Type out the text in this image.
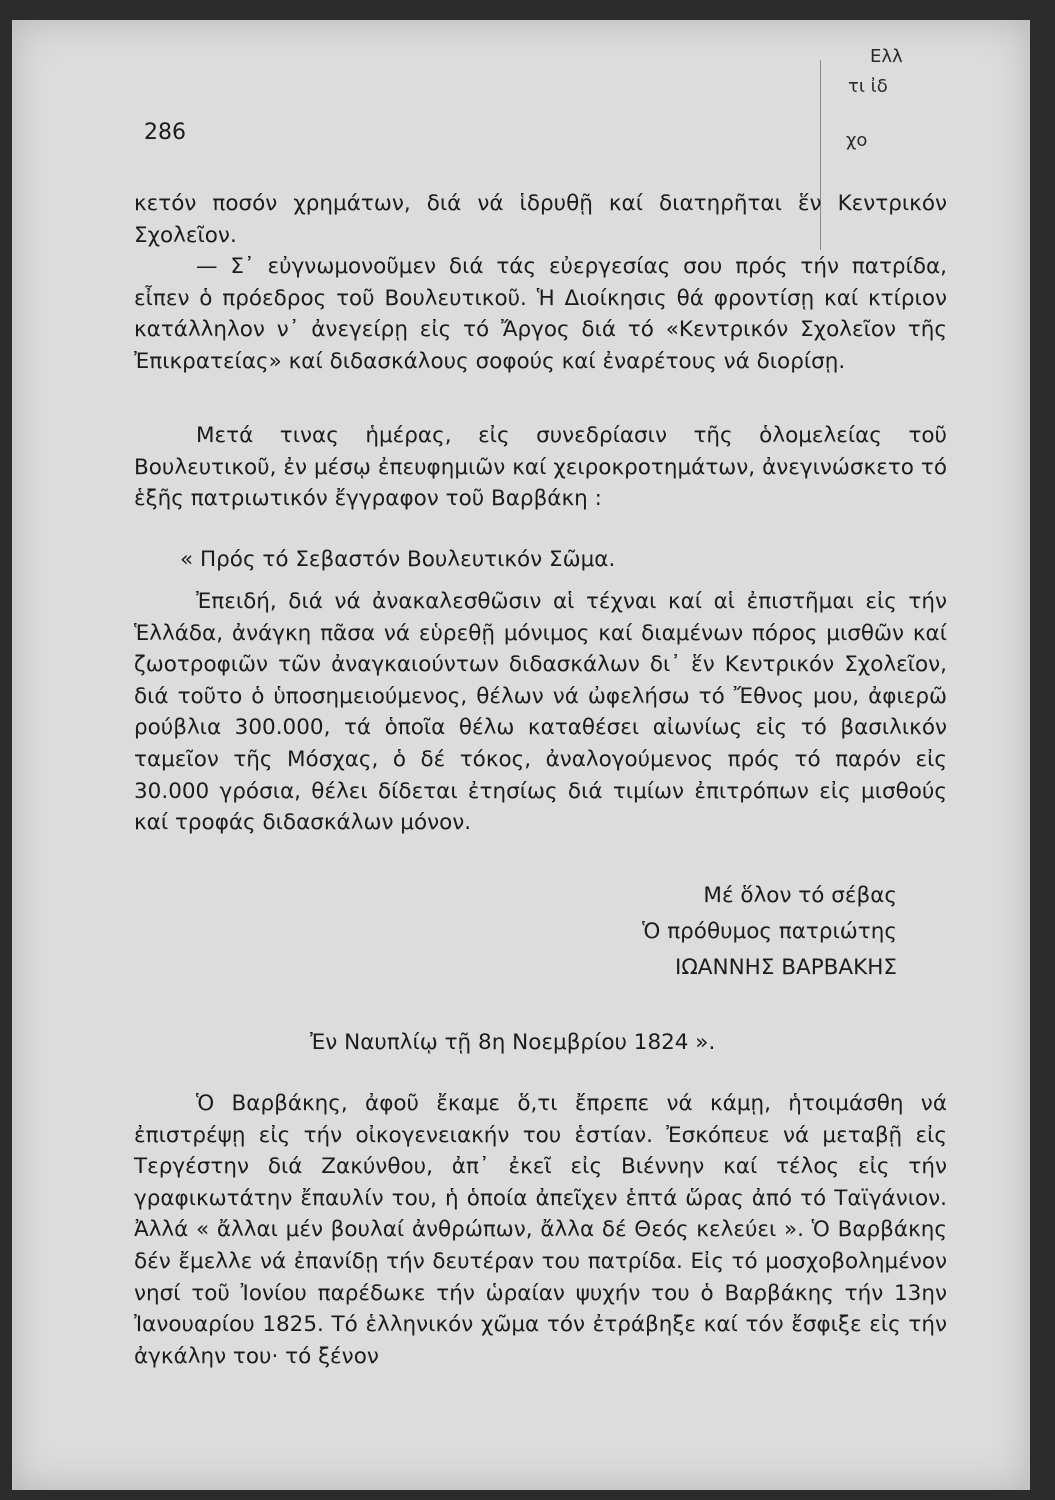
286
Ελλ
τι ἰδ
χο

κετόν ποσόν χρημάτων, διά νά ἱδρυθῇ καί διατηρῆται ἕν Κεντρικόν Σχολεῖον.

— Σ᾽ εὐγνωμονοῦμεν διά τάς εὐεργεσίας σου πρός τήν πατρίδα, εἶπεν ὁ πρόεδρος τοῦ Βουλευτικοῦ. Ἡ Διοίκησις θά φροντίσῃ καί κτίριον κατάλληλον ν᾽ ἀνεγείρῃ εἰς τό Ἄργος διά τό «Κεντρικόν Σχολεῖον τῆς Ἐπικρατείας» καί διδασκάλους σοφούς καί ἐναρέτους νά διορίσῃ.

Μετά τινας ἡμέρας, εἰς συνεδρίασιν τῆς ὁλομελείας τοῦ Βουλευτικοῦ, ἐν μέσῳ ἐπευφημιῶν καί χειροκροτημάτων, ἀνεγινώσκετο τό ἑξῆς πατριωτικόν ἔγγραφον τοῦ Βαρβάκη :

« Πρός τό Σεβαστόν Βουλευτικόν Σῶμα.

Ἐπειδή, διά νά ἀνακαλεσθῶσιν αἱ τέχναι καί αἱ ἐπιστῆμαι εἰς τήν Ἑλλάδα, ἀνάγκη πᾶσα νά εὑρεθῇ μόνιμος καί διαμένων πόρος μισθῶν καί ζωοτροφιῶν τῶν ἀναγκαιούντων διδασκάλων δι᾽ ἕν Κεντρικόν Σχολεῖον, διά τοῦτο ὁ ὑποσημειούμενος, θέλων νά ὠφελήσω τό Ἔθνος μου, ἀφιερῶ ρούβλια 300.000, τά ὁποῖα θέλω καταθέσει αἰωνίως εἰς τό βασιλικόν ταμεῖον τῆς Μόσχας, ὁ δέ τόκος, ἀναλογούμενος πρός τό παρόν εἰς 30.000 γρόσια, θέλει δίδεται ἐτησίως διά τιμίων ἐπιτρόπων εἰς μισθούς καί τροφάς διδασκάλων μόνον.

Μέ ὅλον τό σέβας
Ὁ πρόθυμος πατριώτης
ΙΩΑΝΝΗΣ ΒΑΡΒΑΚΗΣ
Ἐν Ναυπλίῳ τῇ 8η Νοεμβρίου 1824 ».

Ὁ Βαρβάκης, ἀφοῦ ἔκαμε ὅ,τι ἔπρεπε νά κάμῃ, ἡτοιμάσθη νά ἐπιστρέψῃ εἰς τήν οἰκογενειακήν του ἑστίαν. Ἐσκόπευε νά μεταβῇ εἰς Τεργέστην διά Ζακύνθου, ἀπ᾽ ἐκεῖ εἰς Βιέννην καί τέλος εἰς τήν γραφικωτάτην ἔπαυλίν του, ἡ ὁποία ἀπεῖχεν ἑπτά ὥρας ἀπό τό Ταϊγάνιον. Ἀλλά « ἄλλαι μέν βουλαί ἀνθρώπων, ἄλλα δέ Θεός κελεύει ». Ὁ Βαρβάκης δέν ἔμελλε νά ἐπανίδῃ τήν δευτέραν του πατρίδα. Εἰς τό μοσχοβολημένον νησί τοῦ Ἰονίου παρέδωκε τήν ὡραίαν ψυχήν του ὁ Βαρβάκης τήν 13ην Ἰανουαρίου 1825. Τό ἑλληνικόν χῶμα τόν ἐτράβηξε καί τόν ἔσφιξε εἰς τήν ἀγκάλην του· τό ξένον
